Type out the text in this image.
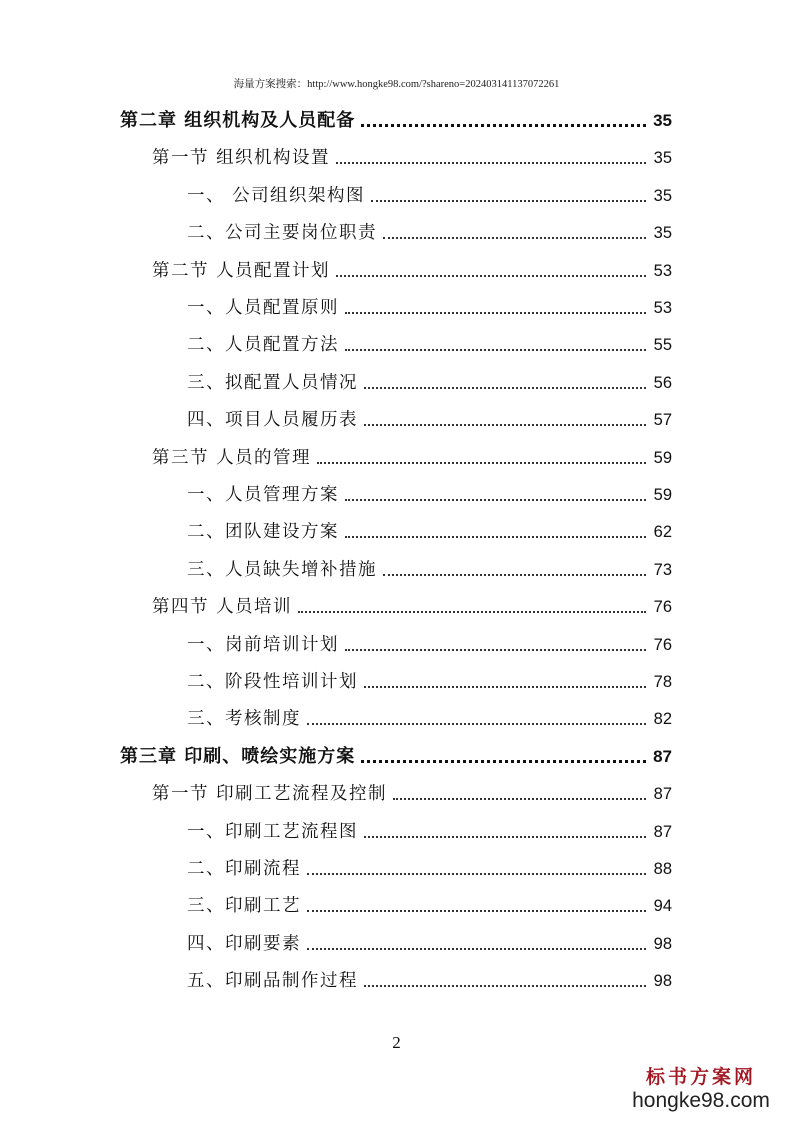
海量方案搜索：http://www.hongke98.com/?shareno=202403141137072261
第二章 组织机构及人员配备	35
第一节 组织机构设置	35
一、 公司组织架构图	35
二、公司主要岗位职责	35
第二节 人员配置计划	53
一、人员配置原则	53
二、人员配置方法	55
三、拟配置人员情况	56
四、项目人员履历表	57
第三节 人员的管理	59
一、人员管理方案	59
二、团队建设方案	62
三、人员缺失增补措施	73
第四节 人员培训	76
一、岗前培训计划	76
二、阶段性培训计划	78
三、考核制度	82
第三章 印刷、喷绘实施方案	87
第一节 印刷工艺流程及控制	87
一、印刷工艺流程图	87
二、印刷流程	88
三、印刷工艺	94
四、印刷要素	98
五、印刷品制作过程	98
2
标书方案网
hongke98.com
